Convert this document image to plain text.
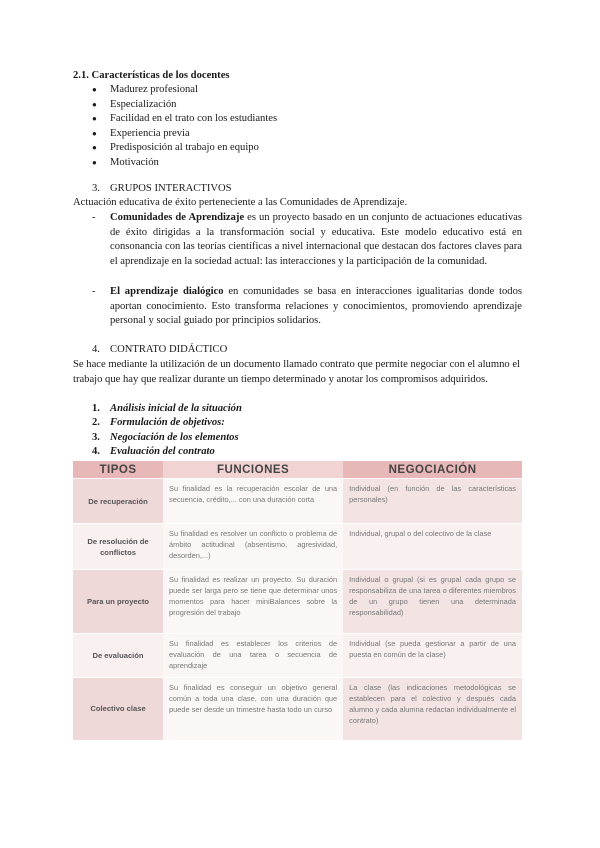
2.1. Características de los docentes
● Madurez profesional
● Especialización
● Facilidad en el trato con los estudiantes
● Experiencia previa
● Predisposición al trabajo en equipo
● Motivación
3. GRUPOS INTERACTIVOS
Actuación educativa de éxito perteneciente a las Comunidades de Aprendizaje.
- Comunidades de Aprendizaje es un proyecto basado en un conjunto de actuaciones educativas de éxito dirigidas a la transformación social y educativa. Este modelo educativo está en consonancia con las teorías científicas a nivel internacional que destacan dos factores claves para el aprendizaje en la sociedad actual: las interacciones y la participación de la comunidad.
- El aprendizaje dialógico en comunidades se basa en interacciones igualitarias donde todos aportan conocimiento. Esto transforma relaciones y conocimientos, promoviendo aprendizaje personal y social guiado por principios solidarios.
4. CONTRATO DIDÁCTICO
Se hace mediante la utilización de un documento llamado contrato que permite negociar con el alumno el trabajo que hay que realizar durante un tiempo determinado y anotar los compromisos adquiridos.
1. Análisis inicial de la situación
2. Formulación de objetivos:
3. Negociación de los elementos
4. Evaluación del contrato
TIPOS	FUNCIONES	NEGOCIACIÓN
De recuperación	Su finalidad es la recuperación escolar de una secuencia, crédito,... con una duración corta	Individual (en función de las características personales)
De resolución de conflictos	Su finalidad es resolver un conflicto o problema de ámbito actitudinal (absentismo, agresividad, desorden,...)	Individual, grupal o del colectivo de la clase
Para un proyecto	Su finalidad es realizar un proyecto. Su duración puede ser larga pero se tiene que determinar unos momentos para hacer miniBalances sobre la progresión del trabajo	Individual o grupal (si es grupal cada grupo se responsabiliza de una tarea o diferentes miembros de un grupo tienen una determinada responsabilidad)
De evaluación	Su finalidad es establecer los criterios de evaluación de una tarea o secuencia de aprendizaje	Individual (se pueda gestionar a partir de una puesta en común de la clase)
Colectivo clase	Su finalidad es conseguir un objetivo general común a toda una clase, con una duración que puede ser desde un trimestre hasta todo un curso	La clase (las indicaciones metodológicas se establecen para el colectivo y después cada alumno y cada alumna redactan individualmente el contrato)
